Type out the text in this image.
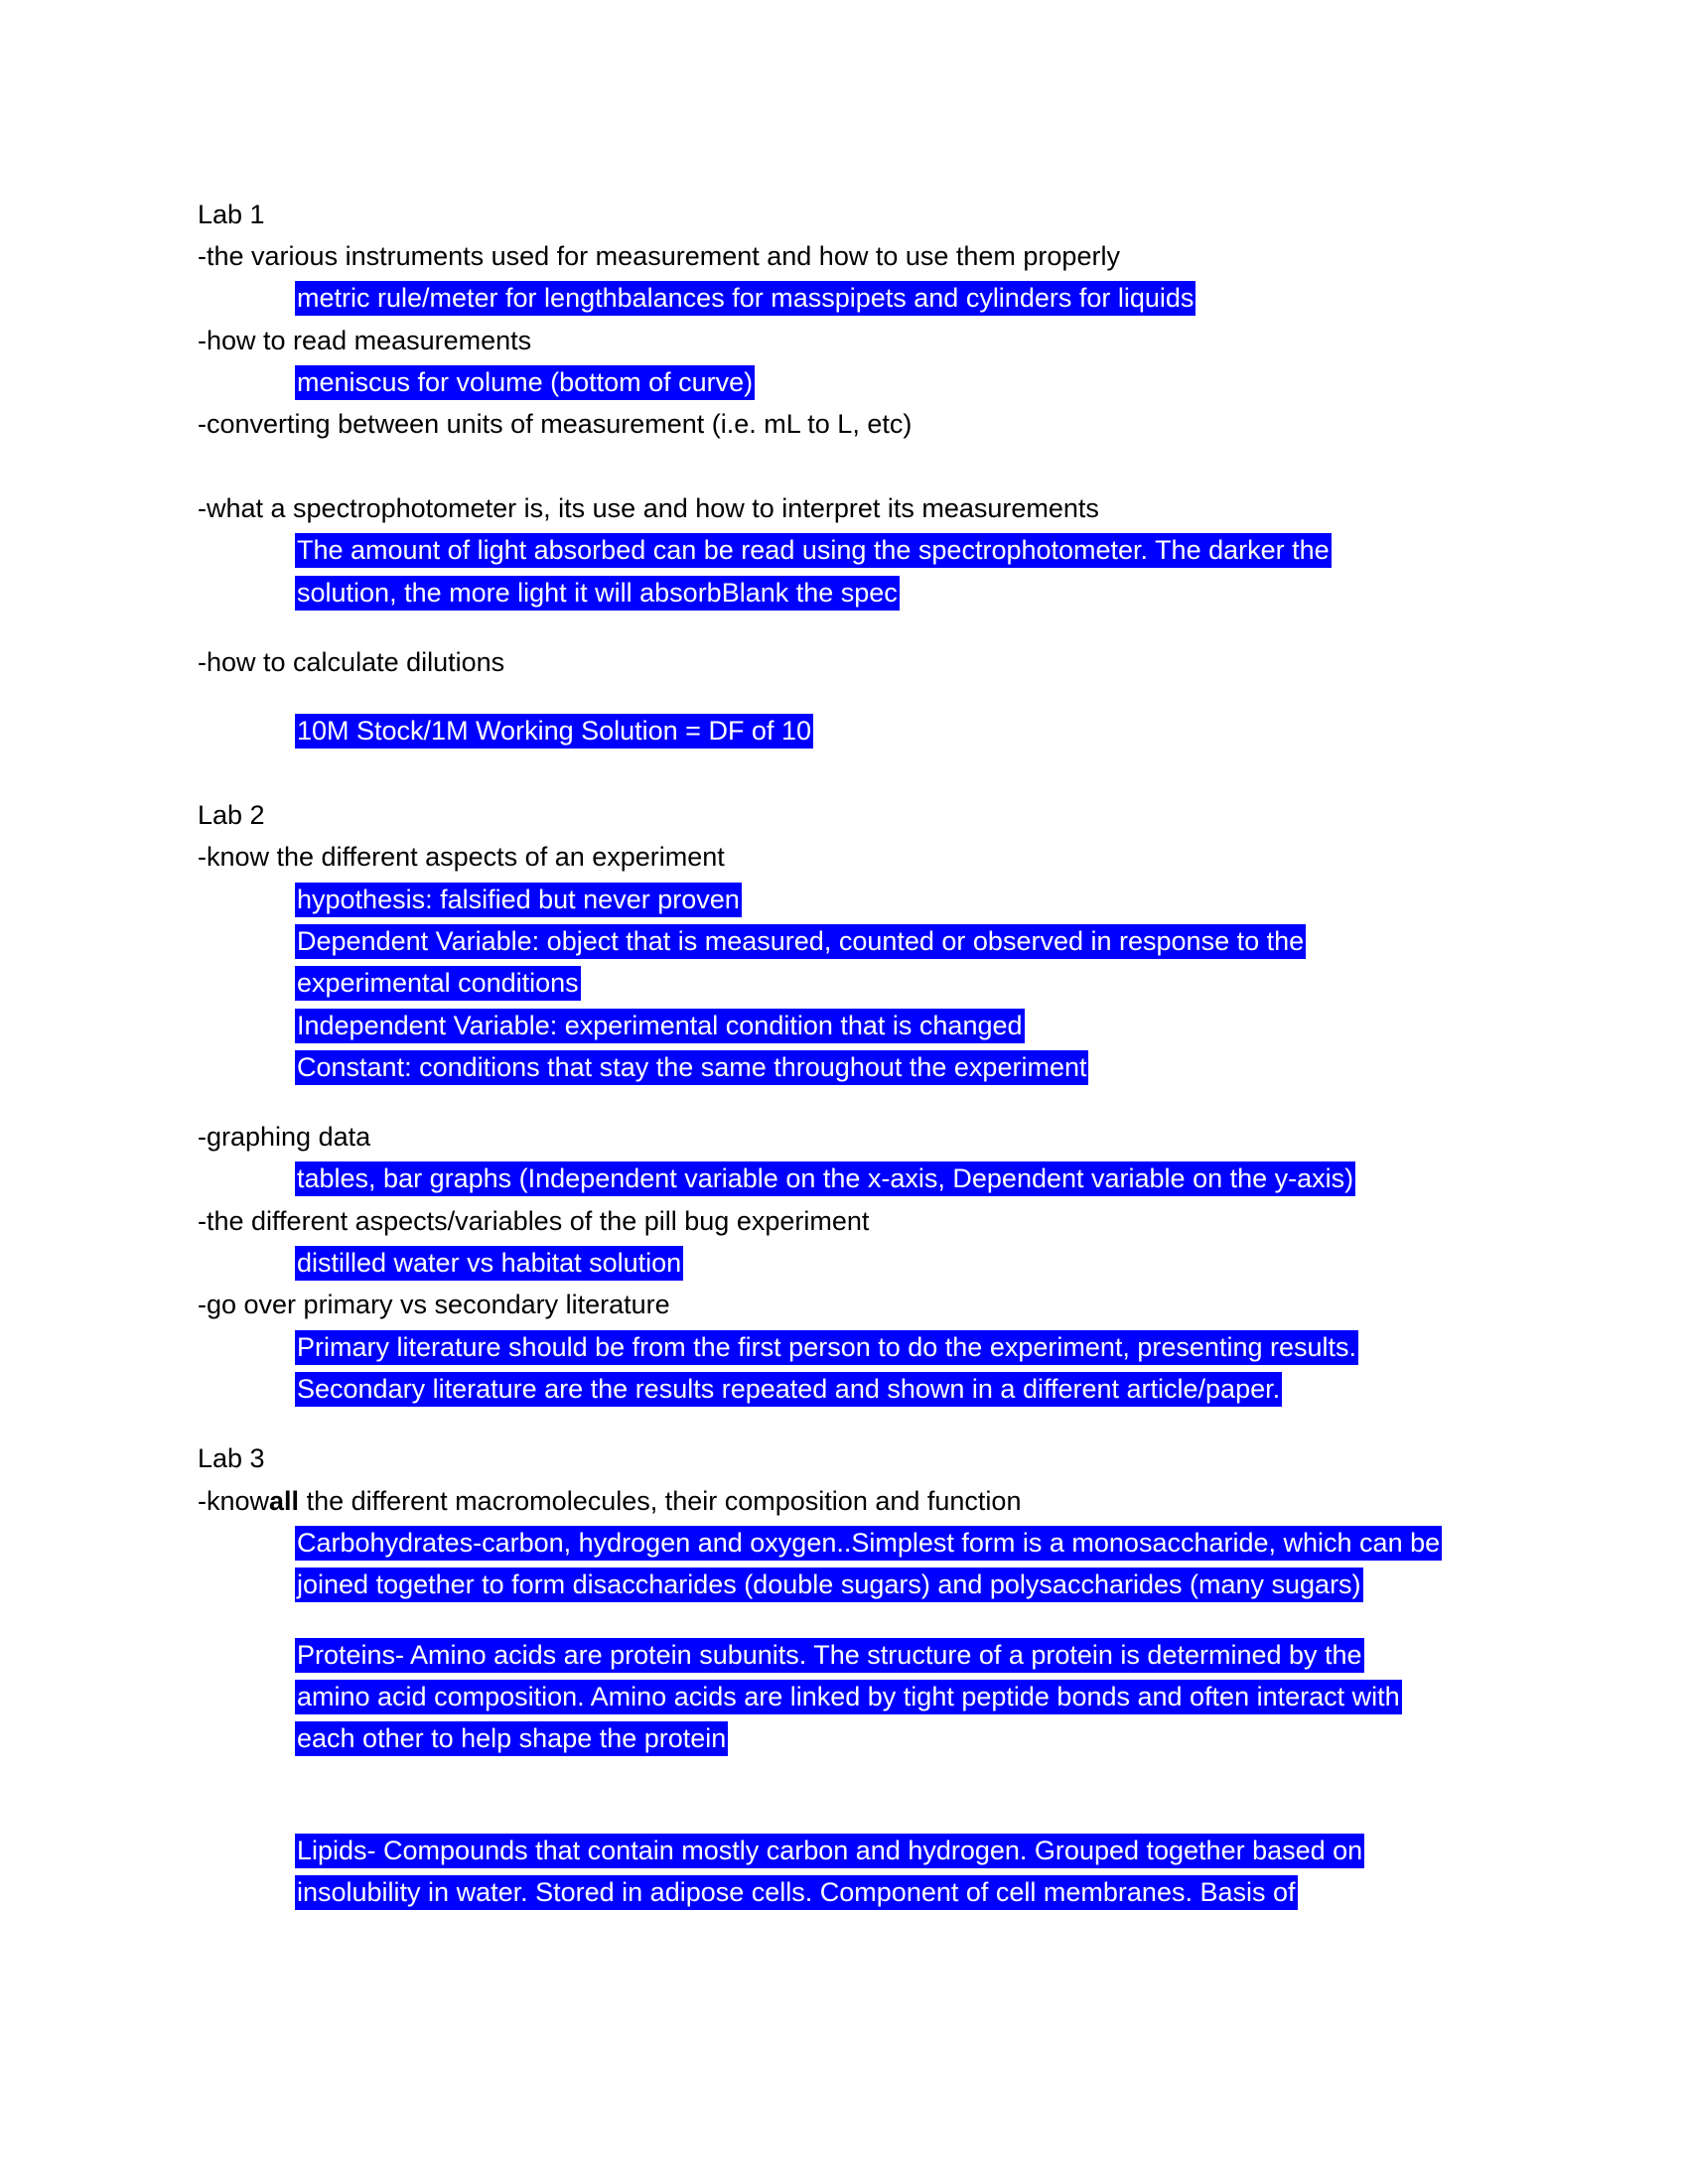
Lab 1
-the various instruments used for measurement and how to use them properly
metric rule/meter for lengthbalances for masspipets and cylinders for liquids
-how to read measurements
meniscus for volume (bottom of curve)
-converting between units of measurement (i.e. mL to L, etc)
-what a spectrophotometer is, its use and how to interpret its measurements
The amount of light absorbed can be read using the spectrophotometer. The darker the
solution, the more light it will absorbBlank the spec
-how to calculate dilutions
10M Stock/1M Working Solution = DF of 10
Lab 2
-know the different aspects of an experiment
hypothesis: falsified but never proven
Dependent Variable: object that is measured, counted or observed in response to the
experimental conditions
Independent Variable: experimental condition that is changed
Constant: conditions that stay the same throughout the experiment
-graphing data
tables, bar graphs (Independent variable on the x-axis, Dependent variable on the y-axis)
-the different aspects/variables of the pill bug experiment
distilled water vs habitat solution
-go over primary vs secondary literature
Primary literature should be from the first person to do the experiment, presenting results.
Secondary literature are the results repeated and shown in a different article/paper.
Lab 3
-knowall the different macromolecules, their composition and function
Carbohydrates-carbon, hydrogen and oxygen..Simplest form is a monosaccharide, which can be
joined together to form disaccharides (double sugars) and polysaccharides (many sugars)
Proteins- Amino acids are protein subunits. The structure of a protein is determined by the
amino acid composition. Amino acids are linked by tight peptide bonds and often interact with
each other to help shape the protein
Lipids- Compounds that contain mostly carbon and hydrogen. Grouped together based on
insolubility in water. Stored in adipose cells. Component of cell membranes. Basis of
